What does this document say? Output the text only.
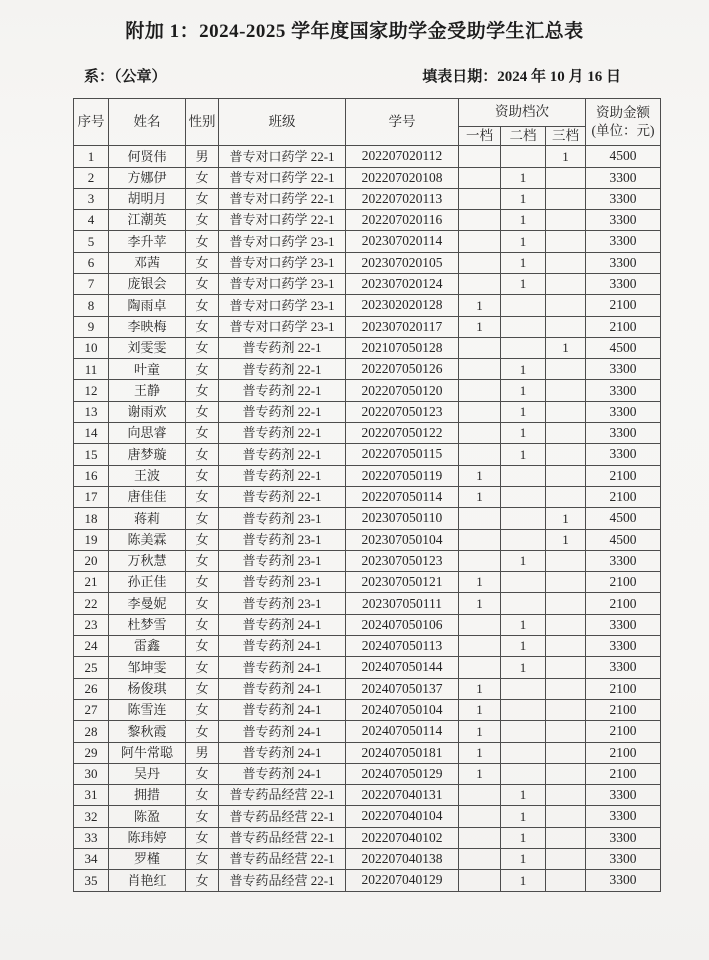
附加 1：2024-2025 学年度国家助学金受助学生汇总表
系：（公章）	填表日期：2024 年 10 月 16 日
序号	姓名	性别	班级	学号	资助档次			资助金额 (单位：元)
					一档	二档	三档	
1	何贤伟	男	普专对口药学 22-1	202207020112			1	4500
2	方娜伊	女	普专对口药学 22-1	202207020108		1		3300
3	胡明月	女	普专对口药学 22-1	202207020113		1		3300
4	江潮英	女	普专对口药学 22-1	202207020116		1		3300
5	李升苹	女	普专对口药学 23-1	202307020114		1		3300
6	邓茜	女	普专对口药学 23-1	202307020105		1		3300
7	庞银会	女	普专对口药学 23-1	202307020124		1		3300
8	陶雨卓	女	普专对口药学 23-1	202302020128	1			2100
9	李映梅	女	普专对口药学 23-1	202307020117	1			2100
10	刘雯雯	女	普专药剂 22-1	202107050128			1	4500
11	叶童	女	普专药剂 22-1	202207050126		1		3300
12	王静	女	普专药剂 22-1	202207050120		1		3300
13	谢雨欢	女	普专药剂 22-1	202207050123		1		3300
14	向思睿	女	普专药剂 22-1	202207050122		1		3300
15	唐梦璇	女	普专药剂 22-1	202207050115		1		3300
16	王波	女	普专药剂 22-1	202207050119	1			2100
17	唐佳佳	女	普专药剂 22-1	202207050114	1			2100
18	蒋莉	女	普专药剂 23-1	202307050110			1	4500
19	陈美霖	女	普专药剂 23-1	202307050104			1	4500
20	万秋慧	女	普专药剂 23-1	202307050123		1		3300
21	孙正佳	女	普专药剂 23-1	202307050121	1			2100
22	李曼妮	女	普专药剂 23-1	202307050111	1			2100
23	杜梦雪	女	普专药剂 24-1	202407050106		1		3300
24	雷鑫	女	普专药剂 24-1	202407050113		1		3300
25	邹坤雯	女	普专药剂 24-1	202407050144		1		3300
26	杨俊琪	女	普专药剂 24-1	202407050137	1			2100
27	陈雪连	女	普专药剂 24-1	202407050104	1			2100
28	黎秋霞	女	普专药剂 24-1	202407050114	1			2100
29	阿牛常聪	男	普专药剂 24-1	202407050181	1			2100
30	吴丹	女	普专药剂 24-1	202407050129	1			2100
31	拥措	女	普专药品经营 22-1	202207040131		1		3300
32	陈盈	女	普专药品经营 22-1	202207040104		1		3300
33	陈玮婷	女	普专药品经营 22-1	202207040102		1		3300
34	罗槿	女	普专药品经营 22-1	202207040138		1		3300
35	肖艳红	女	普专药品经营 22-1	202207040129		1		3300
